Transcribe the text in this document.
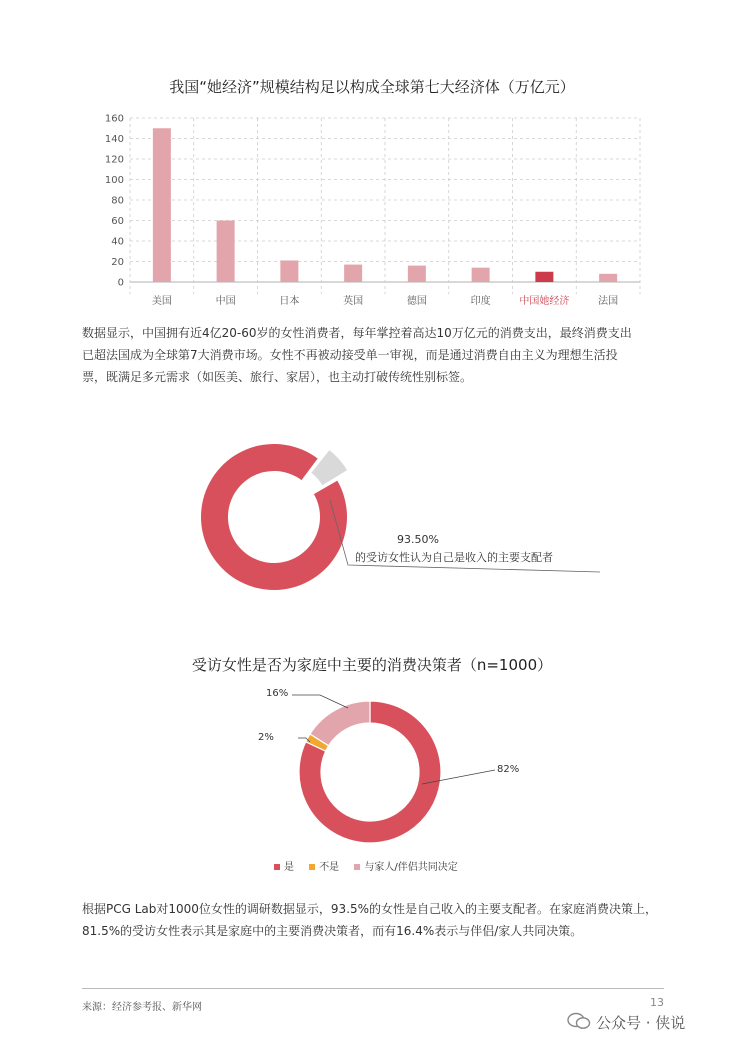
我国“她经济”规模结构足以构成全球第七大经济体（万亿元）
0
20
40
60
80
100
120
140
160
美国	中国	日本	英国	德国	印度	中国她经济	法国
数据显示，中国拥有近4亿20-60岁的女性消费者，每年掌控着高达10万亿元的消费支出，最终消费支出
已超法国成为全球第7大消费市场。女性不再被动接受单一审视，而是通过消费自由主义为理想生活投
票，既满足多元需求（如医美、旅行、家居），也主动打破传统性别标签。
93.50%
的受访女性认为自己是收入的主要支配者
受访女性是否为家庭中主要的消费决策者（n=1000）
82%
2%
16%
是	不是	与家人/伴侣共同决定
根据PCG Lab对1000位女性的调研数据显示，93.5%的女性是自己收入的主要支配者。在家庭消费决策上，
81.5%的受访女性表示其是家庭中的主要消费决策者，而有16.4%表示与伴侣/家人共同决策。
来源：经济参考报、新华网	13
公众号 · 侠说
